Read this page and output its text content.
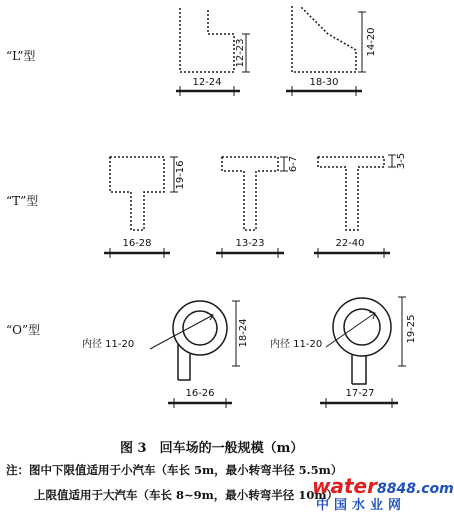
“L”型
“T”型
“O”型
12-23
12-24
14-20
18-30
19-16
16-28
6-7
13-23
3-5
22-40
内径 11-20	18-24
16-26
内径 11-20
19-25
17-27
图 3　回车场的一般规模（m）
注：图中下限值适用于小汽车（车长 5m，最小转弯半径 5.5m）
上限值适用于大汽车（车长 8~9m，最小转弯半径 10m）
water8848.com
中国水业网
